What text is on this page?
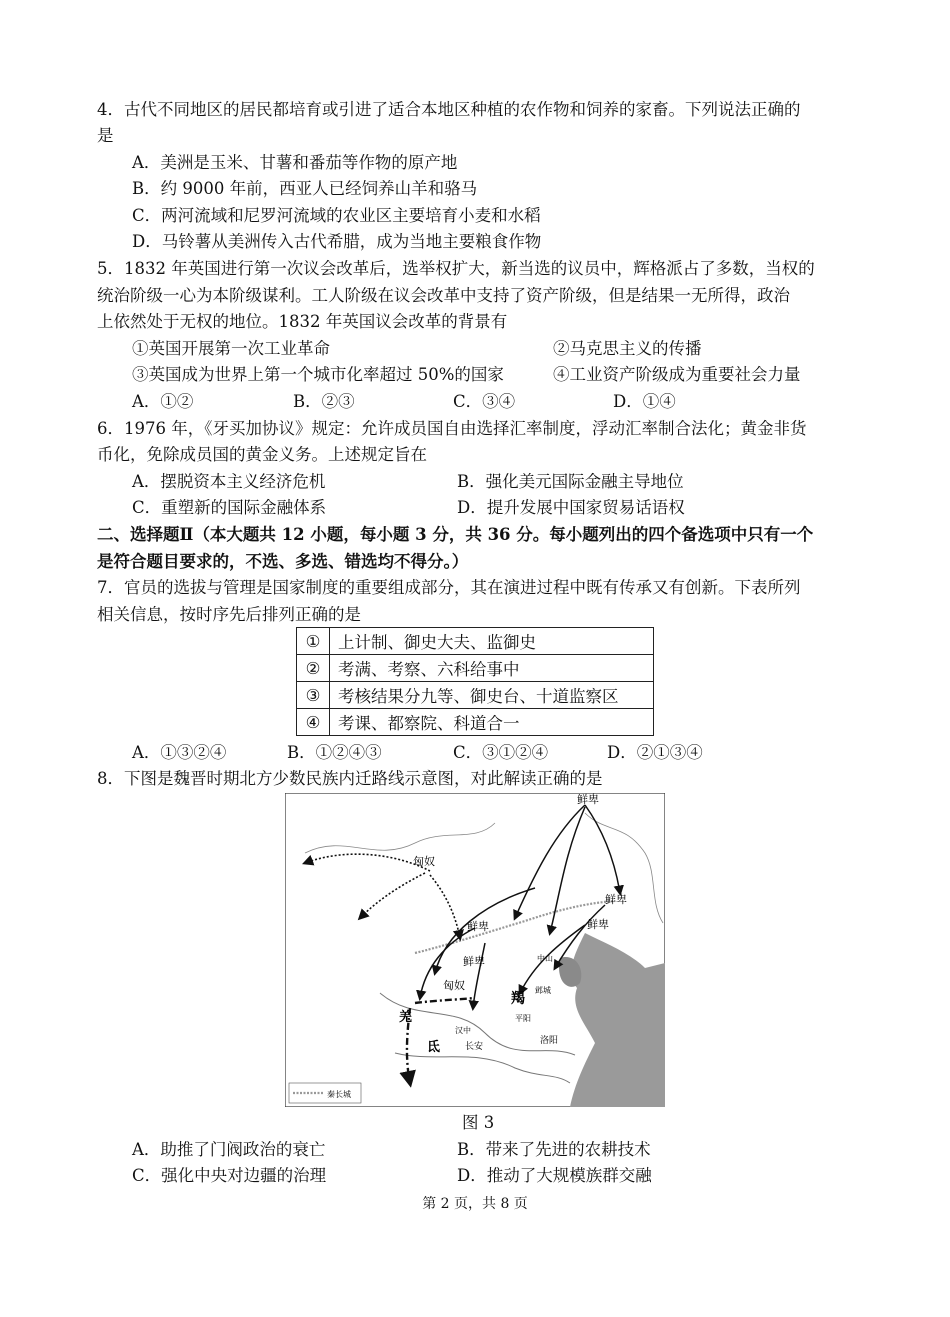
4．古代不同地区的居民都培育或引进了适合本地区种植的农作物和饲养的家畜。下列说法正确的
是
A．美洲是玉米、甘薯和番茄等作物的原产地
B．约 9000 年前，西亚人已经饲养山羊和骆马
C．两河流域和尼罗河流域的农业区主要培育小麦和水稻
D．马铃薯从美洲传入古代希腊，成为当地主要粮食作物
5．1832 年英国进行第一次议会改革后，选举权扩大，新当选的议员中，辉格派占了多数，当权的
统治阶级一心为本阶级谋利。工人阶级在议会改革中支持了资产阶级，但是结果一无所得，政治
上依然处于无权的地位。1832 年英国议会改革的背景有
①英国开展第一次工业革命	②马克思主义的传播
③英国成为世界上第一个城市化率超过 50%的国家	④工业资产阶级成为重要社会力量
A．①②	B．②③	C．③④	D．①④
6．1976 年，《牙买加协议》规定：允许成员国自由选择汇率制度，浮动汇率制合法化；黄金非货
币化，免除成员国的黄金义务。上述规定旨在
A．摆脱资本主义经济危机	B．强化美元国际金融主导地位
C．重塑新的国际金融体系	D．提升发展中国家贸易话语权
二、选择题Ⅱ（本大题共 12 小题，每小题 3 分，共 36 分。每小题列出的四个备选项中只有一个
是符合题目要求的，不选、多选、错选均不得分。）
7．官员的选拔与管理是国家制度的重要组成部分，其在演进过程中既有传承又有创新。下表所列
相关信息，按时序先后排列正确的是
①	上计制、御史大夫、监御史
②	考满、考察、六科给事中
③	考核结果分九等、御史台、十道监察区
④	考课、都察院、科道合一
A．①③②④	B．①②④③	C．③①②④	D．②①③④
8．下图是魏晋时期北方少数民族内迁路线示意图，对此解读正确的是
鲜卑
鲜卑
鲜卑
鲜卑
鲜卑
匈奴
匈奴
羯
羌
氐	长安
洛阳
汉中
中山
邺城
平阳
秦长城
图 3
A．助推了门阀政治的衰亡	B．带来了先进的农耕技术
C．强化中央对边疆的治理	D．推动了大规模族群交融
第 2 页，共 8 页
